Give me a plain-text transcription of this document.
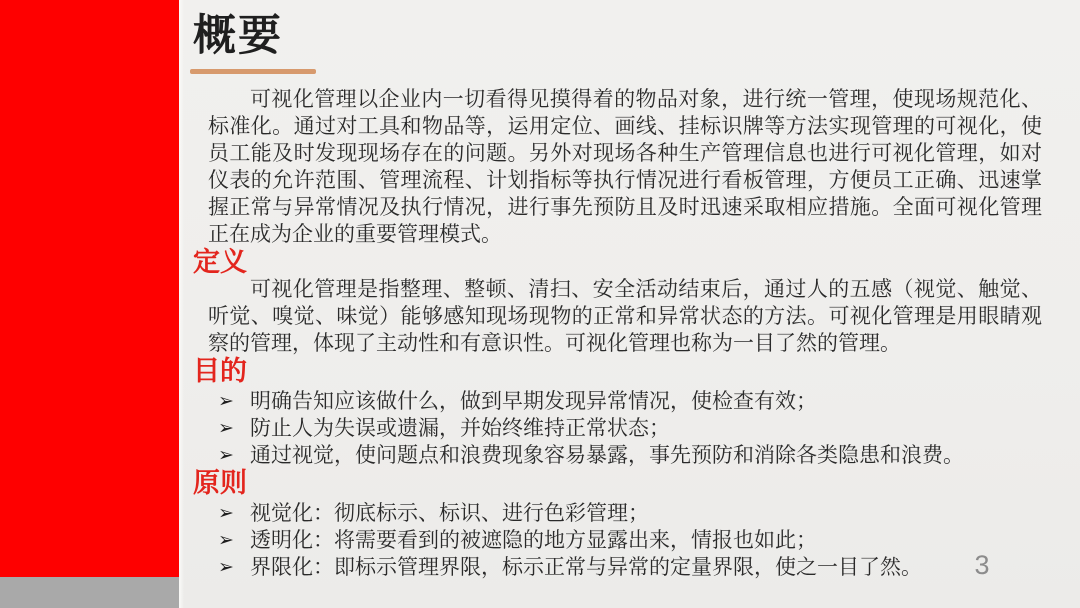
概要

可视化管理以企业内一切看得见摸得着的物品对象，进行统一管理，使现场规范化、标准化。通过对工具和物品等，运用定位、画线、挂标识牌等方法实现管理的可视化，使员工能及时发现现场存在的问题。另外对现场各种生产管理信息也进行可视化管理，如对仪表的允许范围、管理流程、计划指标等执行情况进行看板管理，方便员工正确、迅速掌握正常与异常情况及执行情况，进行事先预防且及时迅速采取相应措施。全面可视化管理正在成为企业的重要管理模式。

定义

可视化管理是指整理、整顿、清扫、安全活动结束后，通过人的五感（视觉、触觉、听觉、嗅觉、味觉）能够感知现场现物的正常和异常状态的方法。可视化管理是用眼睛观察的管理，体现了主动性和有意识性。可视化管理也称为一目了然的管理。

目的
➢ 明确告知应该做什么，做到早期发现异常情况，使检查有效；
➢ 防止人为失误或遗漏，并始终维持正常状态；
➢ 通过视觉，使问题点和浪费现象容易暴露，事先预防和消除各类隐患和浪费。
原则
➢ 视觉化：彻底标示、标识、进行色彩管理；
➢ 透明化：将需要看到的被遮隐的地方显露出来，情报也如此；
➢ 界限化：即标示管理界限，标示正常与异常的定量界限，使之一目了然。	3
